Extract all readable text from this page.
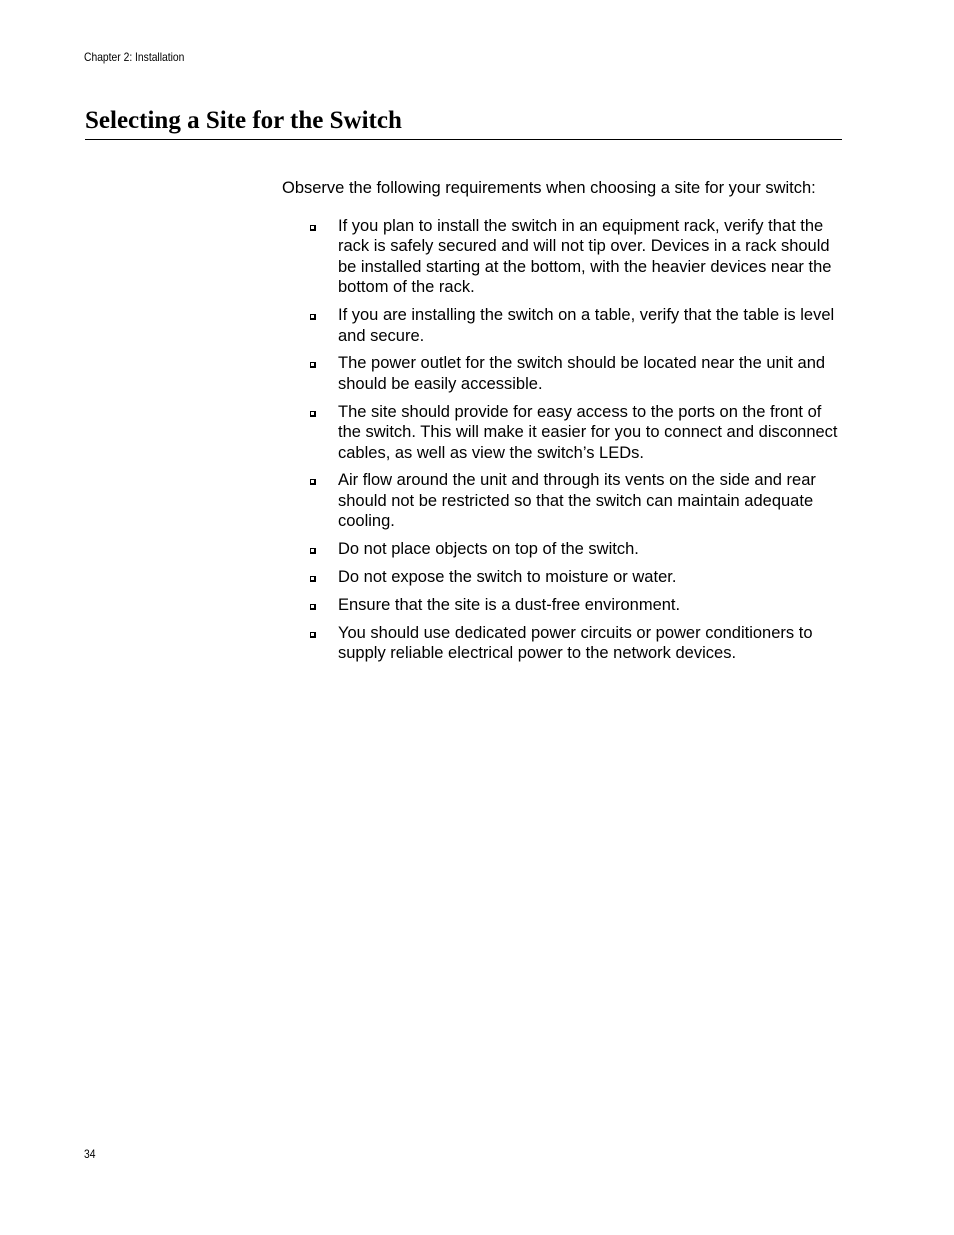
Chapter 2: Installation
Selecting a Site for the Switch

Observe the following requirements when choosing a site for your switch:

If you plan to install the switch in an equipment rack, verify that the rack is safely secured and will not tip over. Devices in a rack should be installed starting at the bottom, with the heavier devices near the bottom of the rack.
If you are installing the switch on a table, verify that the table is level and secure.
The power outlet for the switch should be located near the unit and should be easily accessible.
The site should provide for easy access to the ports on the front of the switch. This will make it easier for you to connect and disconnect cables, as well as view the switch’s LEDs.
Air flow around the unit and through its vents on the side and rear should not be restricted so that the switch can maintain adequate cooling.
Do not place objects on top of the switch.
Do not expose the switch to moisture or water.
Ensure that the site is a dust-free environment.
You should use dedicated power circuits or power conditioners to supply reliable electrical power to the network devices.
34
